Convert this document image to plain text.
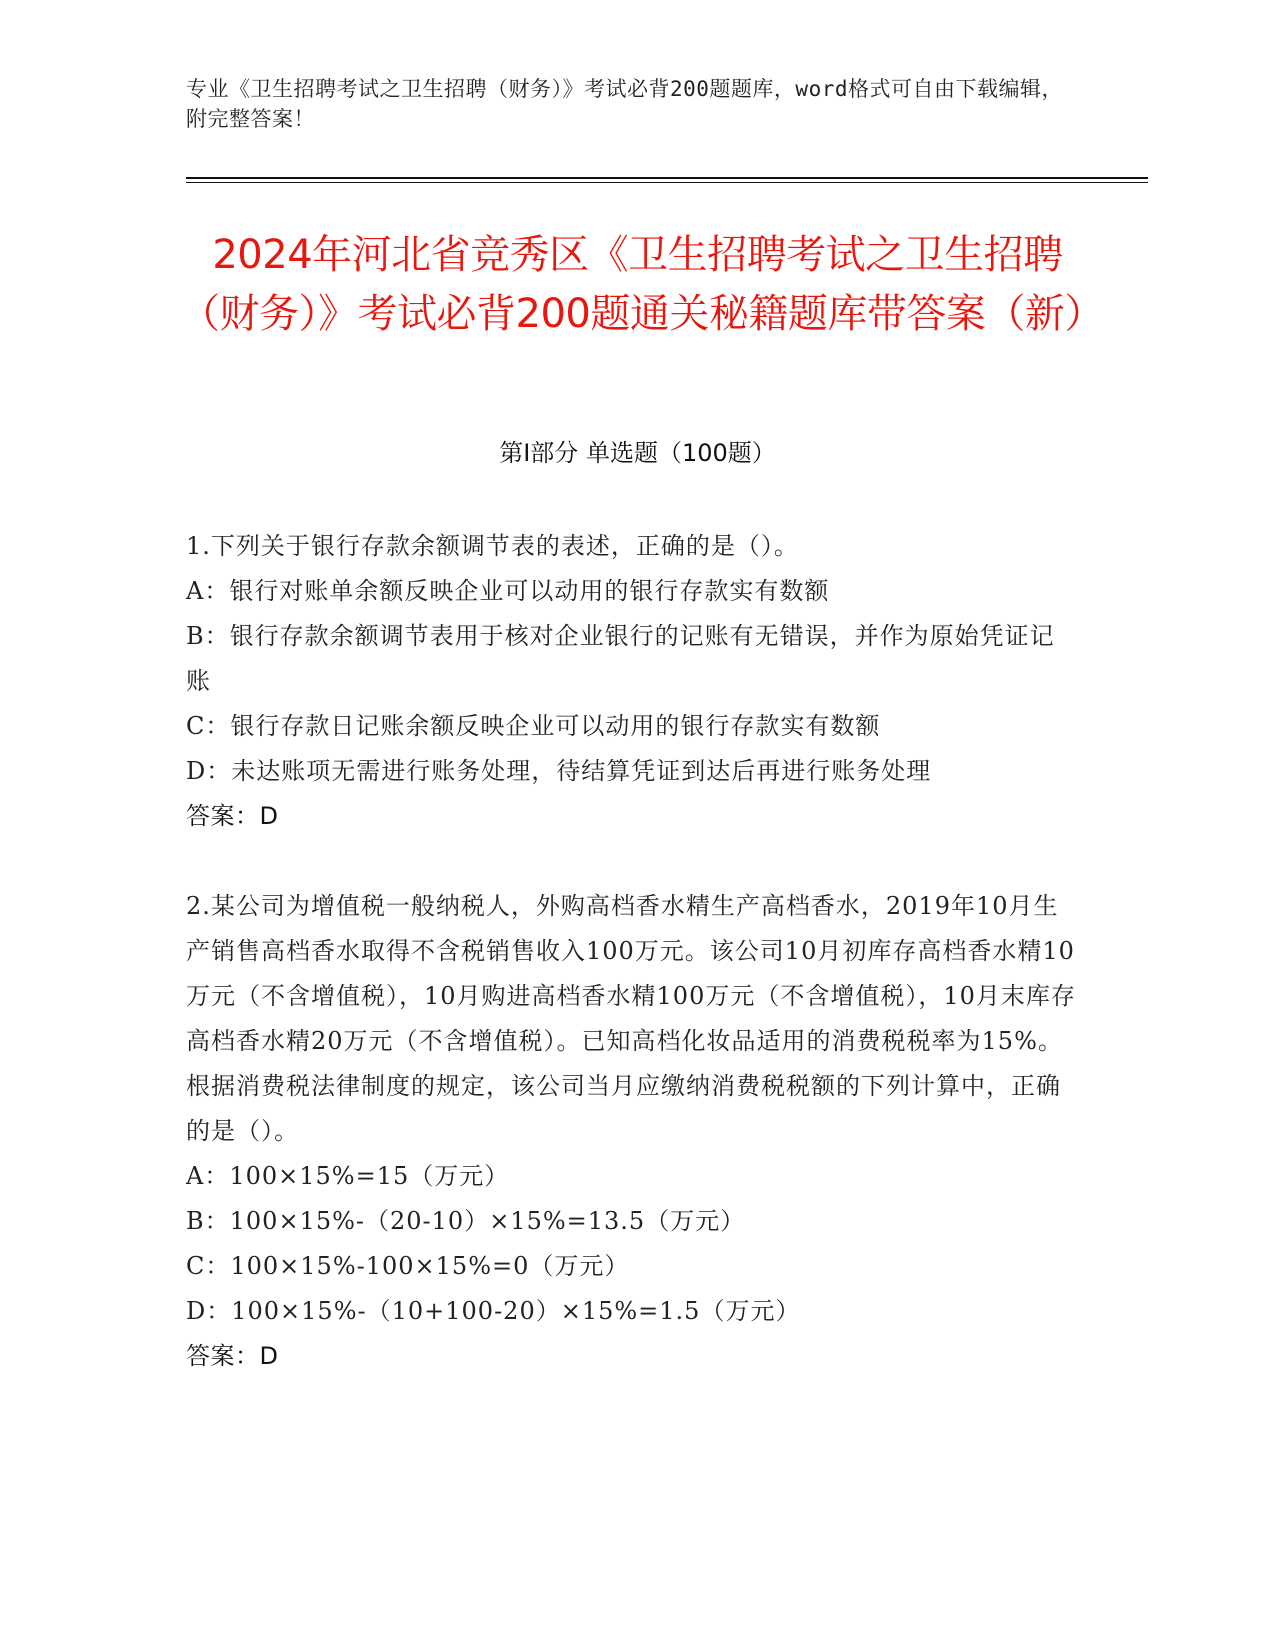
专业《卫生招聘考试之卫生招聘（财务）》考试必背200题题库，word格式可自由下载编辑，附完整答案！
2024年河北省竞秀区《卫生招聘考试之卫生招聘（财务）》考试必背200题通关秘籍题库带答案（新）
第Ⅰ部分 单选题（100题）

1.下列关于银行存款余额调节表的表述，正确的是（）。

A：银行对账单余额反映企业可以动用的银行存款实有数额

B：银行存款余额调节表用于核对企业银行的记账有无错误，并作为原始凭证记账

C：银行存款日记账余额反映企业可以动用的银行存款实有数额

D：未达账项无需进行账务处理，待结算凭证到达后再进行账务处理

答案：D

2.某公司为增值税一般纳税人，外购高档香水精生产高档香水，2019年10月生产销售高档香水取得不含税销售收入100万元。该公司10月初库存高档香水精10万元（不含增值税），10月购进高档香水精100万元（不含增值税），10月末库存高档香水精20万元（不含增值税）。已知高档化妆品适用的消费税税率为15%。根据消费税法律制度的规定，该公司当月应缴纳消费税税额的下列计算中，正确的是（）。

A：100×15%=15（万元）

B：100×15%-（20-10）×15%=13.5（万元）

C：100×15%-100×15%=0（万元）

D：100×15%-（10+100-20）×15%=1.5（万元）

答案：D
